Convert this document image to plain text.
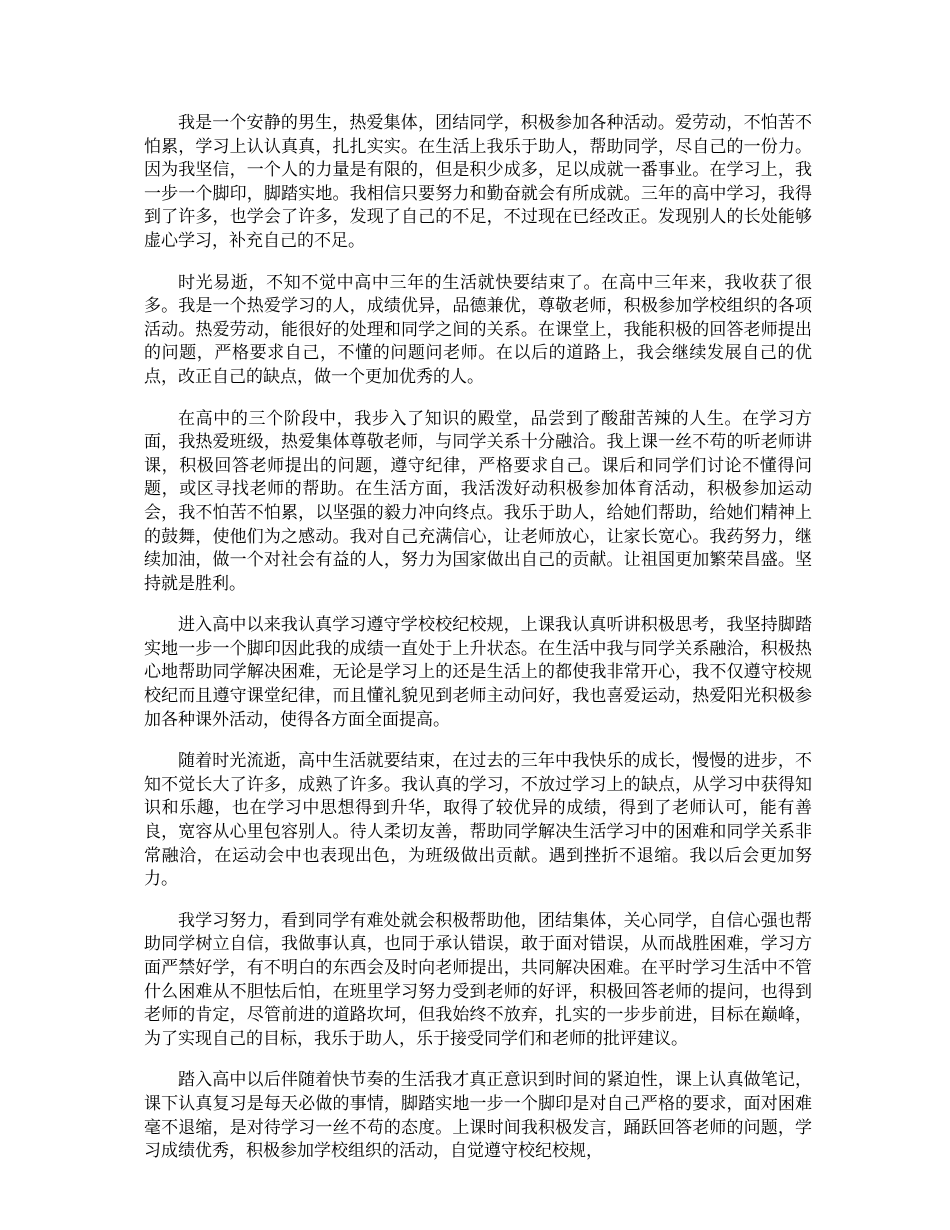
我是一个安静的男生，热爱集体，团结同学，积极参加各种活动。爱劳动，不怕苦不怕累，学习上认认真真，扎扎实实。在生活上我乐于助人，帮助同学，尽自己的一份力。因为我坚信，一个人的力量是有限的，但是积少成多，足以成就一番事业。在学习上，我一步一个脚印，脚踏实地。我相信只要努力和勤奋就会有所成就。三年的高中学习，我得到了许多，也学会了许多，发现了自己的不足，不过现在已经改正。发现别人的长处能够虚心学习，补充自己的不足。

时光易逝，不知不觉中高中三年的生活就快要结束了。在高中三年来，我收获了很多。我是一个热爱学习的人，成绩优异，品德兼优，尊敬老师，积极参加学校组织的各项活动。热爱劳动，能很好的处理和同学之间的关系。在课堂上，我能积极的回答老师提出的问题，严格要求自己，不懂的问题问老师。在以后的道路上，我会继续发展自己的优点，改正自己的缺点，做一个更加优秀的人。

在高中的三个阶段中，我步入了知识的殿堂，品尝到了酸甜苦辣的人生。在学习方面，我热爱班级，热爱集体尊敬老师，与同学关系十分融洽。我上课一丝不苟的听老师讲课，积极回答老师提出的问题，遵守纪律，严格要求自己。课后和同学们讨论不懂得问题，或区寻找老师的帮助。在生活方面，我活泼好动积极参加体育活动，积极参加运动会，我不怕苦不怕累，以坚强的毅力冲向终点。我乐于助人，给她们帮助，给她们精神上的鼓舞，使他们为之感动。我对自己充满信心，让老师放心，让家长宽心。我药努力，继续加油，做一个对社会有益的人，努力为国家做出自己的贡献。让祖国更加繁荣昌盛。坚持就是胜利。

进入高中以来我认真学习遵守学校校纪校规，上课我认真听讲积极思考，我坚持脚踏实地一步一个脚印因此我的成绩一直处于上升状态。在生活中我与同学关系融洽，积极热心地帮助同学解决困难，无论是学习上的还是生活上的都使我非常开心，我不仅遵守校规校纪而且遵守课堂纪律，而且懂礼貌见到老师主动问好，我也喜爱运动，热爱阳光积极参加各种课外活动，使得各方面全面提高。

随着时光流逝，高中生活就要结束，在过去的三年中我快乐的成长，慢慢的进步，不知不觉长大了许多，成熟了许多。我认真的学习，不放过学习上的缺点，从学习中获得知识和乐趣，也在学习中思想得到升华，取得了较优异的成绩，得到了老师认可，能有善良，宽容从心里包容别人。待人柔切友善，帮助同学解决生活学习中的困难和同学关系非常融洽，在运动会中也表现出色，为班级做出贡献。遇到挫折不退缩。我以后会更加努力。

我学习努力，看到同学有难处就会积极帮助他，团结集体，关心同学，自信心强也帮助同学树立自信，我做事认真，也同于承认错误，敢于面对错误，从而战胜困难，学习方面严禁好学，有不明白的东西会及时向老师提出，共同解决困难。在平时学习生活中不管什么困难从不胆怯后怕，在班里学习努力受到老师的好评，积极回答老师的提问，也得到老师的肯定，尽管前进的道路坎坷，但我始终不放弃，扎实的一步步前进，目标在巅峰，为了实现自己的目标，我乐于助人，乐于接受同学们和老师的批评建议。

踏入高中以后伴随着快节奏的生活我才真正意识到时间的紧迫性，课上认真做笔记，课下认真复习是每天必做的事情，脚踏实地一步一个脚印是对自己严格的要求，面对困难毫不退缩，是对待学习一丝不苟的态度。上课时间我积极发言，踊跃回答老师的问题，学习成绩优秀，积极参加学校组织的活动，自觉遵守校纪校规，
